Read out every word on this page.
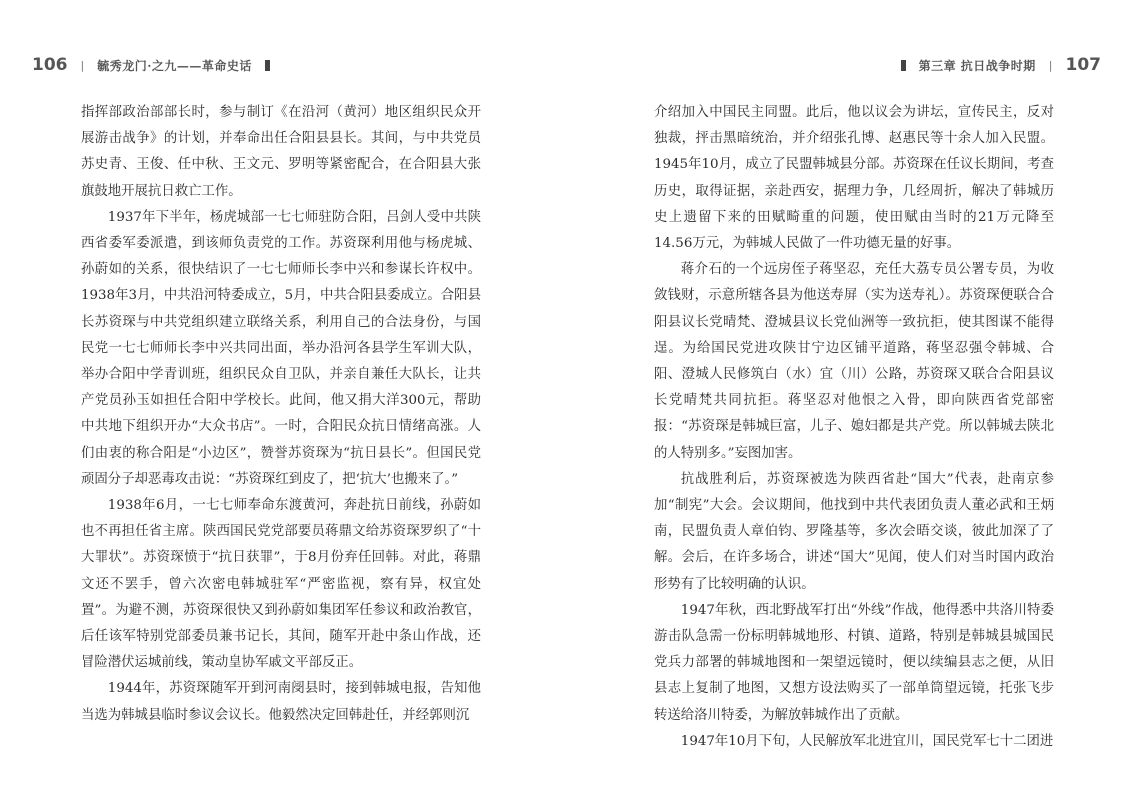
106 | 毓秀龙门·之九——革命史话

指挥部政治部部长时，参与制订《在沿河（黄河）地区组织民众开展游击战争》的计划，并奉命出任合阳县县长。其间，与中共党员苏史青、王俊、任中秋、王文元、罗明等紧密配合，在合阳县大张旗鼓地开展抗日救亡工作。

1937年下半年，杨虎城部一七七师驻防合阳，吕剑人受中共陕西省委军委派遣，到该师负责党的工作。苏资琛利用他与杨虎城、孙蔚如的关系，很快结识了一七七师师长李中兴和参谋长许权中。1938年3月，中共沿河特委成立，5月，中共合阳县委成立。合阳县长苏资琛与中共党组织建立联络关系，利用自己的合法身份，与国民党一七七师师长李中兴共同出面，举办沿河各县学生军训大队，举办合阳中学青训班，组织民众自卫队，并亲自兼任大队长，让共产党员孙玉如担任合阳中学校长。此间，他又捐大洋300元，帮助中共地下组织开办“大众书店”。一时，合阳民众抗日情绪高涨。人们由衷的称合阳是“小边区”，赞誉苏资琛为“抗日县长”。但国民党顽固分子却恶毒攻击说：“苏资琛红到皮了，把‘抗大’也搬来了。”

1938年6月，一七七师奉命东渡黄河，奔赴抗日前线，孙蔚如也不再担任省主席。陕西国民党党部要员蒋鼎文给苏资琛罗织了“十大罪状”。苏资琛愤于“抗日获罪”，于8月份弃任回韩。对此，蒋鼎文还不罢手，曾六次密电韩城驻军“严密监视，察有异，权宜处置”。为避不测，苏资琛很快又到孙蔚如集团军任参议和政治教官，后任该军特别党部委员兼书记长，其间，随军开赴中条山作战，还冒险潜伏运城前线，策动皇协军戚文平部反正。

1944年，苏资琛随军开到河南阌县时，接到韩城电报，告知他当选为韩城县临时参议会议长。他毅然决定回韩赴任，并经郭则沉

第三章 抗日战争时期 | 107

介绍加入中国民主同盟。此后，他以议会为讲坛，宣传民主，反对独裁，抨击黑暗统治，并介绍张孔博、赵惠民等十余人加入民盟。1945年10月，成立了民盟韩城县分部。苏资琛在任议长期间，考查历史，取得证据，亲赴西安，据理力争，几经周折，解决了韩城历史上遗留下来的田赋畸重的问题，使田赋由当时的21万元降至14.56万元，为韩城人民做了一件功德无量的好事。

蒋介石的一个远房侄子蒋坚忍，充任大荔专员公署专员，为收敛钱财，示意所辖各县为他送寿屏（实为送寿礼）。苏资琛便联合合阳县议长党晴梵、澄城县议长党仙洲等一致抗拒，使其图谋不能得逞。为给国民党进攻陕甘宁边区铺平道路，蒋坚忍强令韩城、合阳、澄城人民修筑白（水）宜（川）公路，苏资琛又联合合阳县议长党晴梵共同抗拒。蒋坚忍对他恨之入骨，即向陕西省党部密报：“苏资琛是韩城巨富，儿子、媳妇都是共产党。所以韩城去陕北的人特别多。”妄图加害。

抗战胜利后，苏资琛被选为陕西省赴“国大”代表，赴南京参加“制宪”大会。会议期间，他找到中共代表团负责人董必武和王炳南，民盟负责人章伯钧、罗隆基等，多次会晤交谈，彼此加深了了解。会后，在许多场合，讲述“国大”见闻，使人们对当时国内政治形势有了比较明确的认识。

1947年秋，西北野战军打出“外线”作战，他得悉中共洛川特委游击队急需一份标明韩城地形、村镇、道路，特别是韩城县城国民党兵力部署的韩城地图和一架望远镜时，便以续编县志之便，从旧县志上复制了地图，又想方设法购买了一部单筒望远镜，托张飞步转送给洛川特委，为解放韩城作出了贡献。

1947年10月下旬，人民解放军北进宜川，国民党军七十二团进
